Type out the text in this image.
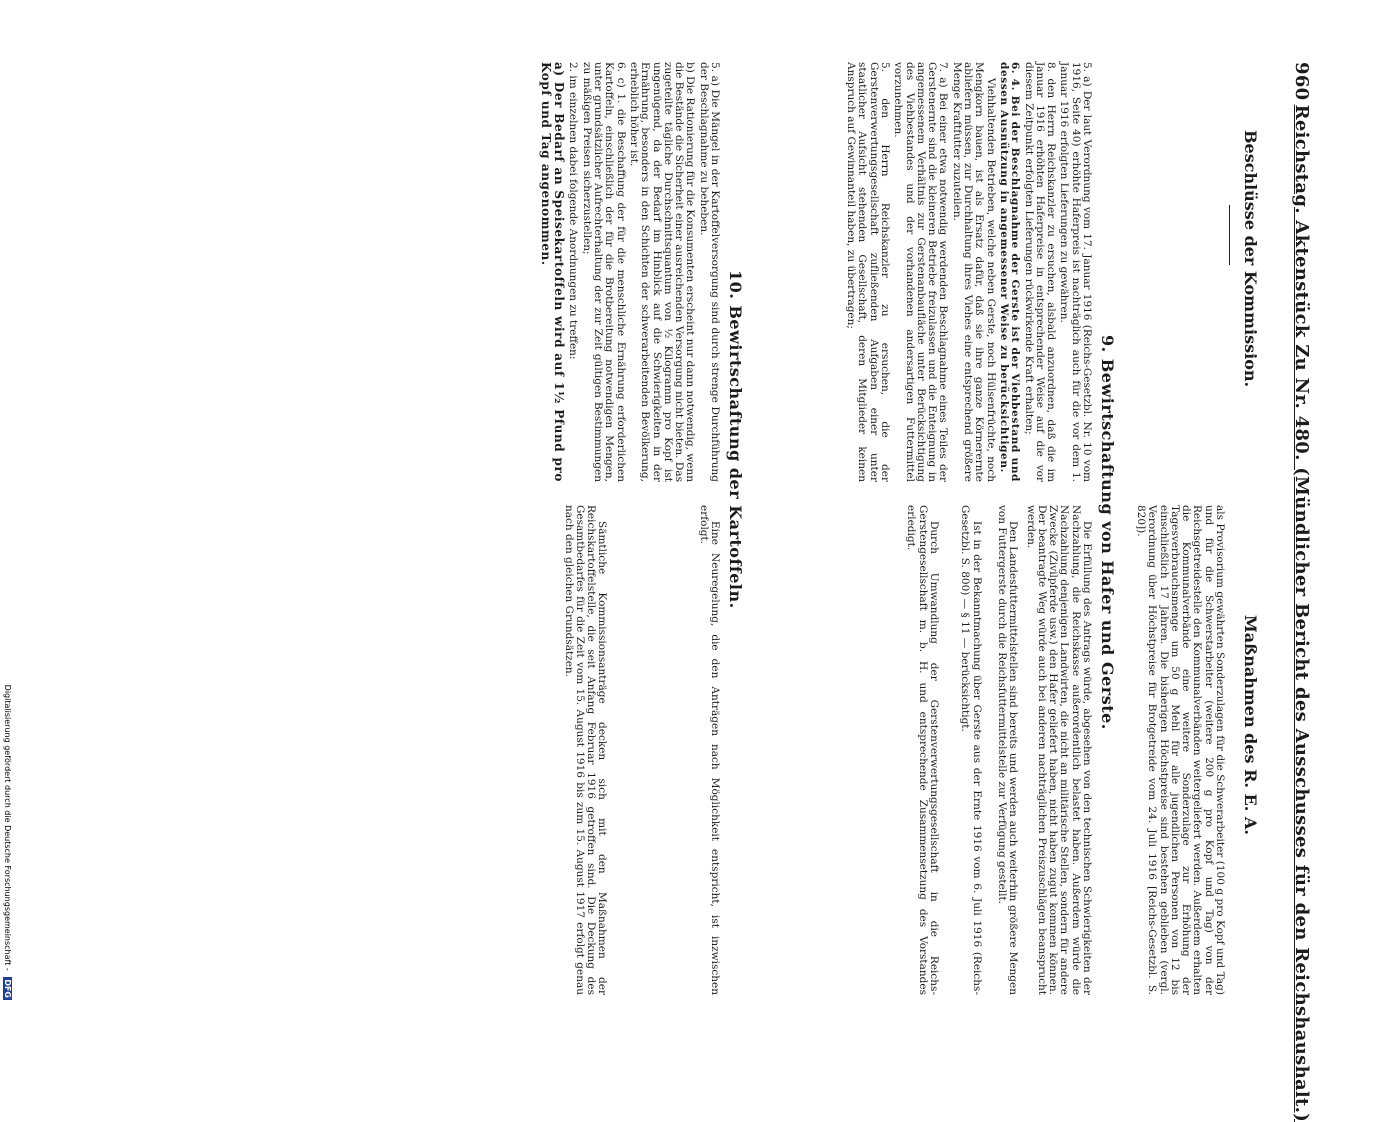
960 Reichstag. Aktenstück Zu Nr. 480. (Mündlicher Bericht des Ausschusses für den Reichshaushalt.)
Beschlüsse der Kommission.
Maßnahmen des R. E. A.

als Provisorium gewährten Sonderzulagen für die Schwerarbeiter (100 g pro Kopf und Tag) und für die Schwerstarbeiter (weitere 200 g pro Kopf und Tag) von der Reichsgetreidestelle den Kommunalverbänden weitergeliefert werden. Außerdem erhalten die Kommunalverbände eine weitere Sonderzulage zur Erhöhung der Tagesverbrauchsmenge um 50 g Mehl für alle jugendlichen Personen von 12 bis einschließlich 17 Jahren. Die bisherigen Höchstpreise sind bestehen geblieben (vergl. Verordnung über Höchstpreise für Brotgetreide vom 24. Juli 1916 [Reichs-Gesetzbl. S. 820]).

9. Bewirtschaftung von Hafer und Gerste.

5. a) Der laut Verordnung vom 17. Januar 1916 (Reichs-Gesetzbl. Nr. 10 vom 1916, Seite 40) erhöhte Haferpreis ist nachträglich auch für die vor dem 1. Januar 1916 erfolgten Lieferungen zu gewähren.

8. den Herrn Reichskanzler zu ersuchen, alsbald anzuordnen, daß die im Januar 1916 erhöhten Haferpreise in entsprechender Weise auf die vor diesem Zeitpunkt erfolgten Lieferungen rückwirkende Kraft erhalten;

6. 4. Bei der Beschlagnahme der Gerste ist der Viehbestand und dessen Ausnützung in angemessener Weise zu berücksichtigen.

Viehhaltenden Betrieben, welche neben Gerste, noch Hülsenfrüchte, noch Mengkorn bauen, ist als Ersatz dafür, daß sie ihre ganze Körnerernte abliefern müssen, zur Durchhaltung ihres Viehes eine entsprechend größere Menge Kraftfutter zuzuteilen.

7. a) Bei einer etwa notwendig werdenden Beschlagnahme eines Teiles der Gerstenernte sind die kleineren Betriebe freizulassen und die Enteignung in angemessenem Verhältnis zur Gerstenanbaufläche unter Berücksichtigung des Viehbestandes und der vorhandenen andersartigen Futtermittel vorzunehmen.

5. den Herrn Reichskanzler zu ersuchen, die der Gerstenverwertungsgesellschaft zufließenden Aufgaben einer unter staatlicher Aufsicht stehenden Gesellschaft, deren Mitglieder keinen Anspruch auf Gewinnanteil haben, zu übertragen;

Die Erfüllung des Antrags würde, abgesehen von den technischen Schwierigkeiten der Nachzahlung, die Reichskasse außerordentlich belastet haben. Außerdem würde die Nachzahlung denjenigen Landwirten, die nicht an militärische Stellen, sondern für andere Zwecke (Zivilpferde usw.) den Hafer geliefert haben, nicht haben zugut kommen können. Der beantragte Weg würde auch bei anderen nachträglichen Preiszuschlägen beansprucht werden.

Den Landesfuttermittelstellen sind bereits und werden auch weiterhin größere Mengen von Futtergerste durch die Reichsfuttermittelstelle zur Verfügung gestellt.

Ist in der Bekanntmachung über Gerste aus der Ernte 1916 vom 6. Juli 1916 (Reichs-Gesetzbl. S. 800) — § 11 — berücksichtigt.

Durch Umwandlung der Gerstenverwertungsgesellschaft in die Reichs-Gerstengesellschaft m. b. H. und entsprechende Zusammensetzung des Vorstandes erledigt.

10. Bewirtschaftung der Kartoffeln.

5. a) Die Mängel in der Kartoffelversorgung sind durch strenge Durchführung der Beschlagnahme zu beheben.

b) Die Rationierung für die Konsumenten erscheint nur dann notwendig, wenn die Bestände die Sicherheit einer ausreichenden Versorgung nicht bieten. Das zugeteilte tägliche Durchschnittsquantum von ½ Kilogramm pro Kopf ist ungenügend, da der Bedarf im Hinblick auf die Schwierigkeiten in der Ernährung, besonders in den Schichten der schwerarbeitenden Bevölkerung, erheblich höher ist.

6. c) 1. die Beschaffung der für die menschliche Ernährung erforderlichen Kartoffeln, einschließlich der für die Brotbereitung notwendigen Mengen, unter grundsätzlicher Aufrechterhaltung der zur Zeit gültigen Bestimmungen zu mäßigen Preisen sicherzustellen;

2. im einzelnen dabei folgende Anordnungen zu treffen:

a) Der Bedarf an Speisekartoffeln wird auf 1½ Pfund pro Kopf und Tag angenommen.

Eine Neuregelung, die den Anträgen nach Möglichkeit entspricht, ist inzwischen erfolgt.

Sämtliche Kommissionsanträge decken sich mit den Maßnahmen der Reichskartoffelstelle, die seit Anfang Februar 1916 getroffen sind. Die Deckung des Gesamtbedarfes für die Zeit vom 15. August 1916 bis zum 15. August 1917 erfolgt genau nach den gleichen Grundsätzen.

Digitalisierung gefördert durch die Deutsche Forschungsgemeinschaft - DFG
